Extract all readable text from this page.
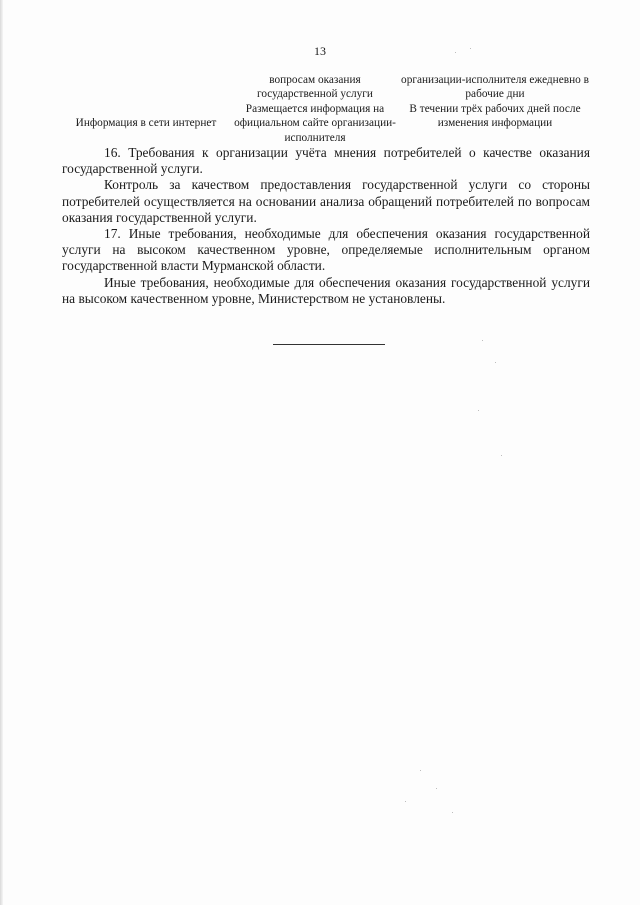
13
	вопросам оказания государственной услуги	организации-исполнителя ежедневно в рабочие дни
Информация в сети интернет	Размещается информация на официальном сайте организации-исполнителя	В течении трёх рабочих дней после изменения информации

16. Требования к организации учёта мнения потребителей о качестве оказания государственной услуги.

Контроль за качеством предоставления государственной услуги со стороны потребителей осуществляется на основании анализа обращений потребителей по вопросам оказания государственной услуги.

17. Иные требования, необходимые для обеспечения оказания государственной услуги на высоком качественном уровне, определяемые исполнительным органом государственной власти Мурманской области.

Иные требования, необходимые для обеспечения оказания государственной услуги на высоком качественном уровне, Министерством не установлены.
